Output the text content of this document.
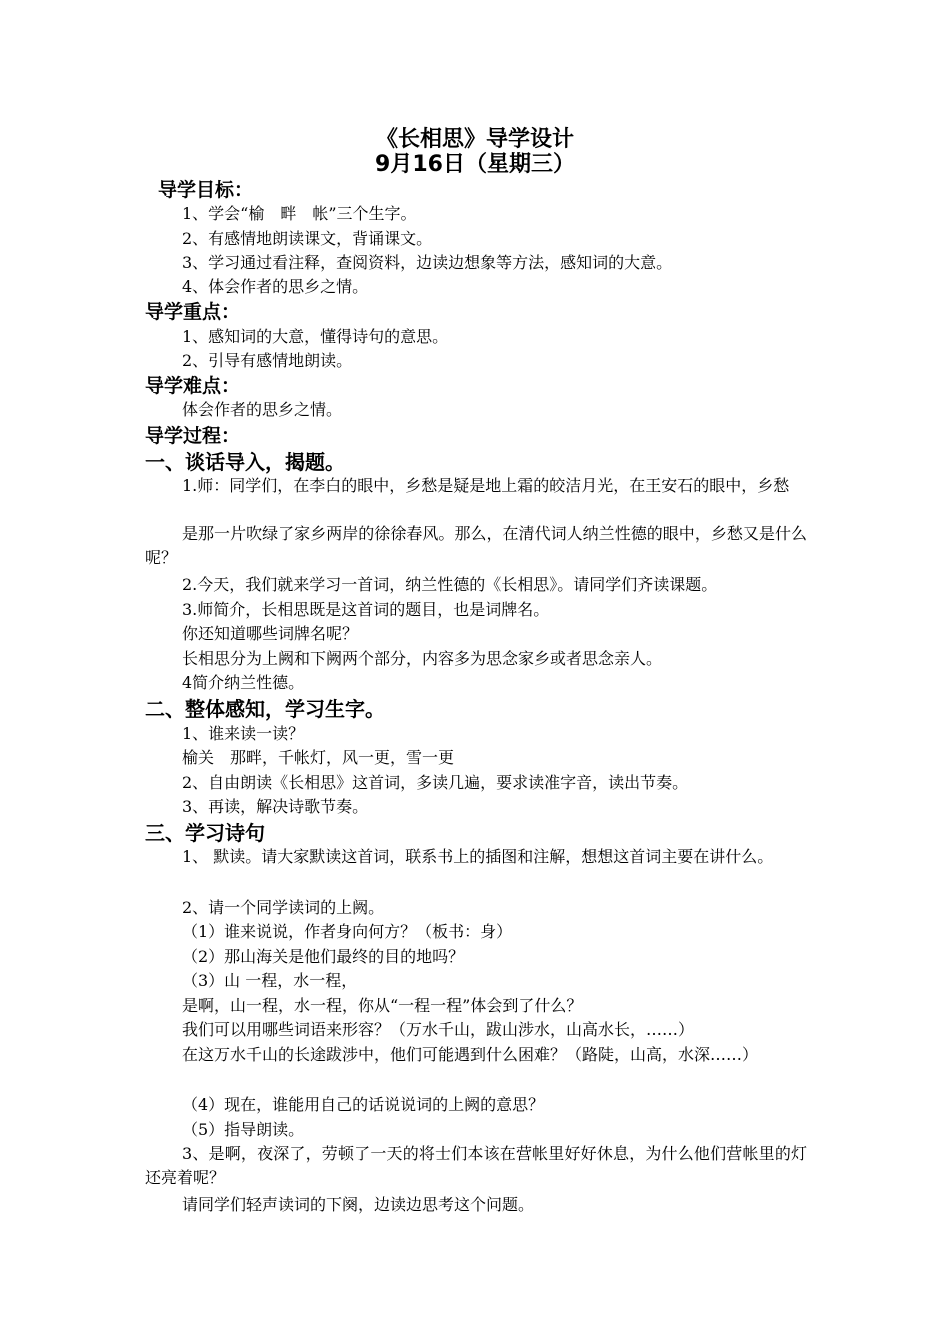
《长相思》导学设计
9月16日（星期三）
导学目标：
1、学会“榆　畔　帐”三个生字。
2、有感情地朗读课文，背诵课文。
3、学习通过看注释，查阅资料，边读边想象等方法，感知词的大意。
4、体会作者的思乡之情。
导学重点：
1、感知词的大意，懂得诗句的意思。
2、引导有感情地朗读。
导学难点：
体会作者的思乡之情。
导学过程：
一、谈话导入，揭题。
1.师：同学们，在李白的眼中，乡愁是疑是地上霜的皎洁月光，在王安石的眼中，乡愁
是那一片吹绿了家乡两岸的徐徐春风。那么，在清代词人纳兰性德的眼中，乡愁又是什么呢？
2.今天，我们就来学习一首词，纳兰性德的《长相思》。请同学们齐读课题。
3.师简介，长相思既是这首词的题目，也是词牌名。
你还知道哪些词牌名呢？
长相思分为上阙和下阙两个部分，内容多为思念家乡或者思念亲人。
4简介纳兰性德。
二、整体感知，学习生字。
1、谁来读一读？
榆关　那畔，千帐灯，风一更，雪一更
2、自由朗读《长相思》这首词，多读几遍，要求读准字音，读出节奏。
3、再读，解决诗歌节奏。
三、学习诗句
1、 默读。请大家默读这首词，联系书上的插图和注解，想想这首词主要在讲什么。
2、请一个同学读词的上阙。
（1）谁来说说，作者身向何方？（板书：身）
（2）那山海关是他们最终的目的地吗？
（3）山 一程，水一程，
是啊，山一程，水一程，你从“一程一程”体会到了什么？
我们可以用哪些词语来形容？（万水千山，跋山涉水，山高水长，……）
在这万水千山的长途跋涉中，他们可能遇到什么困难？（路陡，山高，水深……）
（4）现在，谁能用自己的话说说词的上阙的意思？
（5）指导朗读。
3、是啊，夜深了，劳顿了一天的将士们本该在营帐里好好休息，为什么他们营帐里的灯还亮着呢？
请同学们轻声读词的下阕，边读边思考这个问题。
